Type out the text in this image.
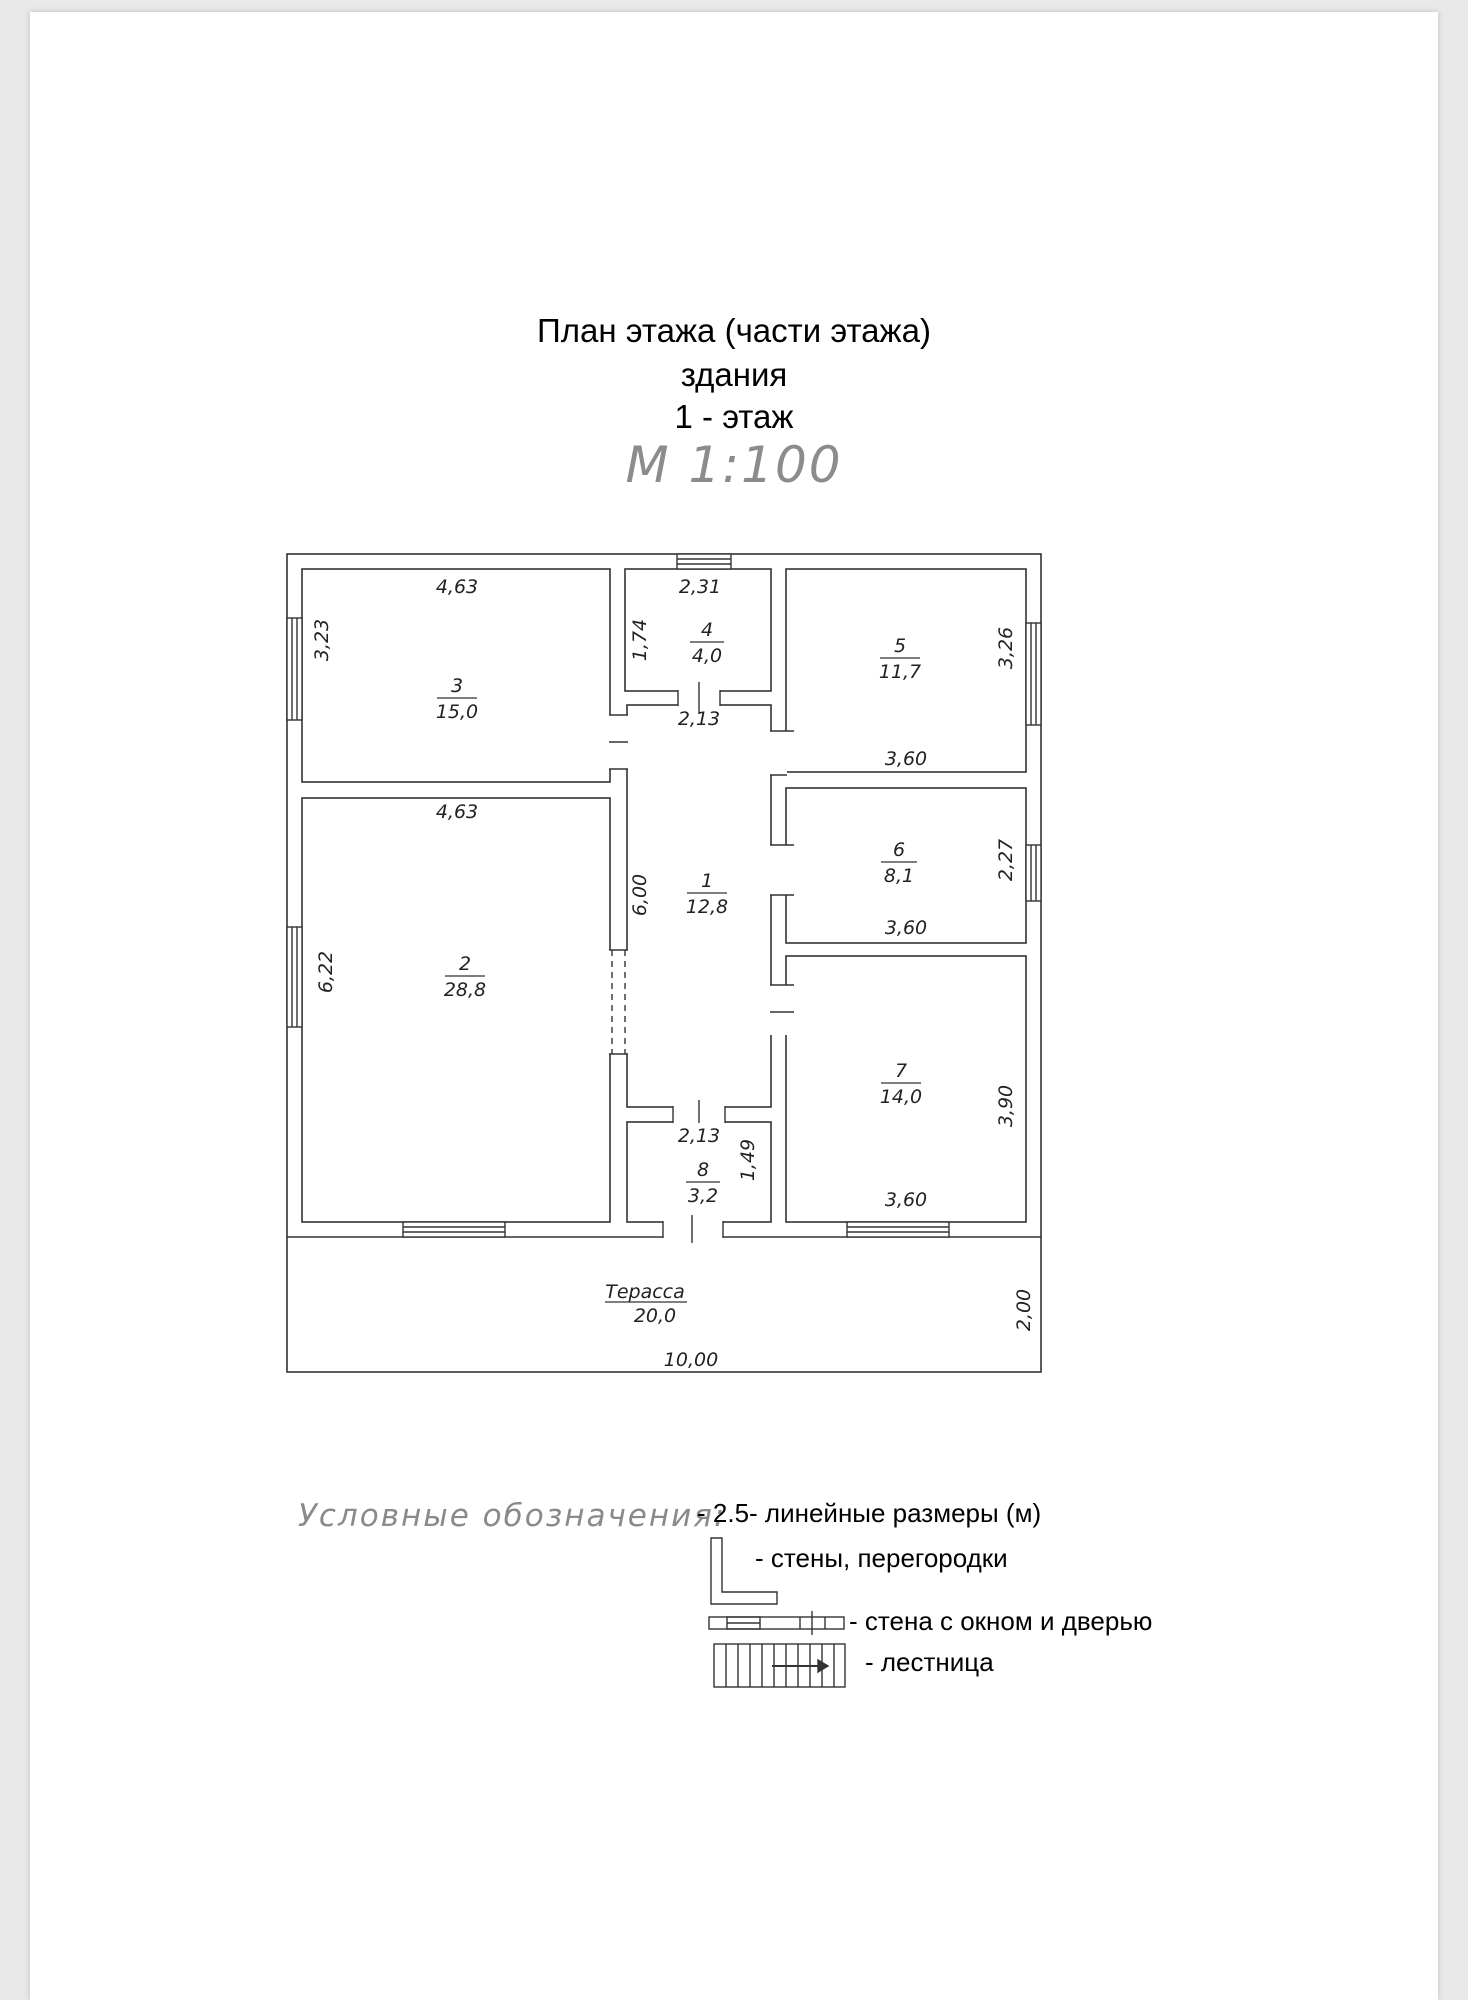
План этажа (части этажа)
здания
1 - этаж
М 1:100
3
15,0
2
28,8
4
4,0
1
12,8
8
3,2
5
11,7
6
8,1
7
14,0
Терасса
20,0
4,63
3,23
4,63
6,22
2,31
1,74
2,13
6,00
2,13
1,49
3,60
3,26
3,60
2,27
3,60
3,90
10,00
2,00
Условные обозначения:
- 2.5- линейные размеры (м)
- стены, перегородки
- стена с окном и дверью
- лестница
